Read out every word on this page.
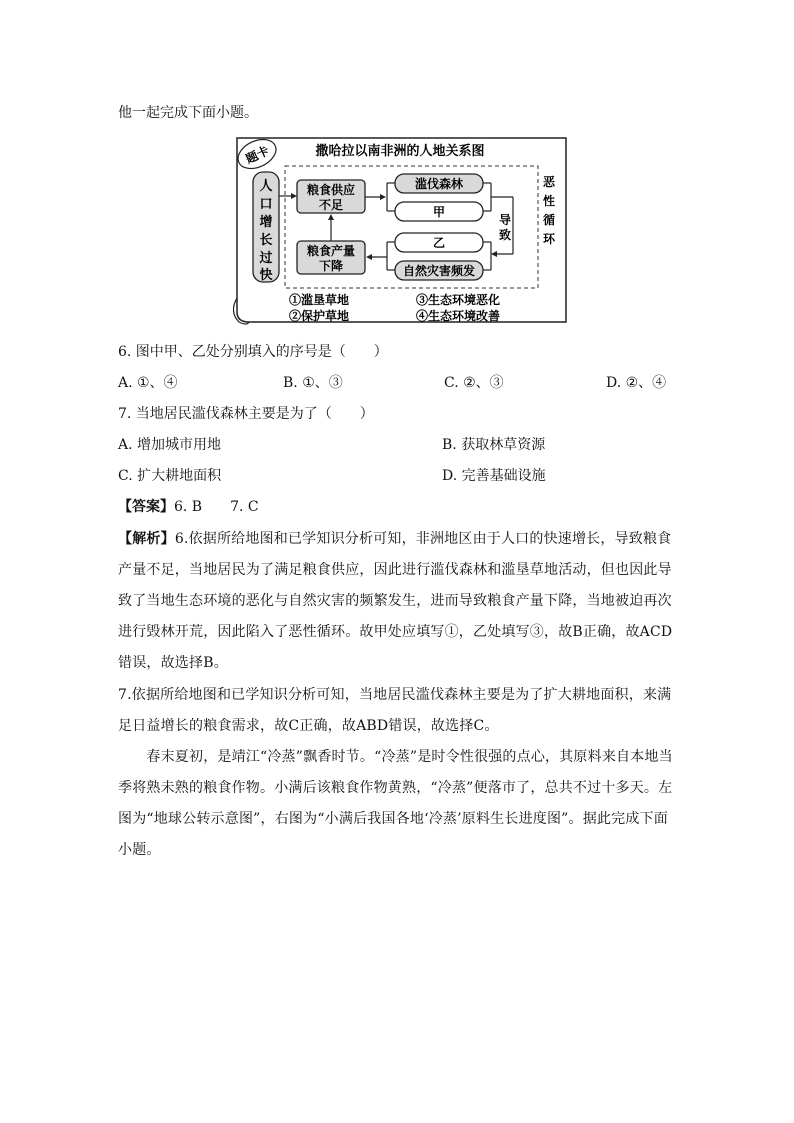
他一起完成下面小题。
题卡	撒哈拉以南非洲的人地关系图
人
口
增
长
过
快
粮食供应
不足
粮食产量
下降
滥伐森林
甲
导
致
乙
自然灾害频发
恶
性
循
环
①滥垦草地	③生态环境恶化
②保护草地	④生态环境改善
6. 图中甲、乙处分别填入的序号是（　　）
A. ①、④	B. ①、③	C. ②、③	D. ②、④
7. 当地居民滥伐森林主要是为了（　　）
A. 增加城市用地	B. 获取林草资源
C. 扩大耕地面积	D. 完善基础设施
【答案】6. B　　7. C
【解析】6.依据所给地图和已学知识分析可知，非洲地区由于人口的快速增长，导致粮食产量不足，当地居民为了满足粮食供应，因此进行滥伐森林和滥垦草地活动，但也因此导致了当地生态环境的恶化与自然灾害的频繁发生，进而导致粮食产量下降，当地被迫再次进行毁林开荒，因此陷入了恶性循环。故甲处应填写①，乙处填写③，故B正确，故ACD错误，故选择B。
7.依据所给地图和已学知识分析可知，当地居民滥伐森林主要是为了扩大耕地面积，来满足日益增长的粮食需求，故C正确，故ABD错误，故选择C。
　　春末夏初，是靖江“冷蒸”飘香时节。“冷蒸”是时令性很强的点心，其原料来自本地当季将熟未熟的粮食作物。小满后该粮食作物黄熟，“冷蒸”便落市了，总共不过十多天。左图为“地球公转示意图”，右图为“小满后我国各地‘冷蒸’原料生长进度图”。据此完成下面小题。
